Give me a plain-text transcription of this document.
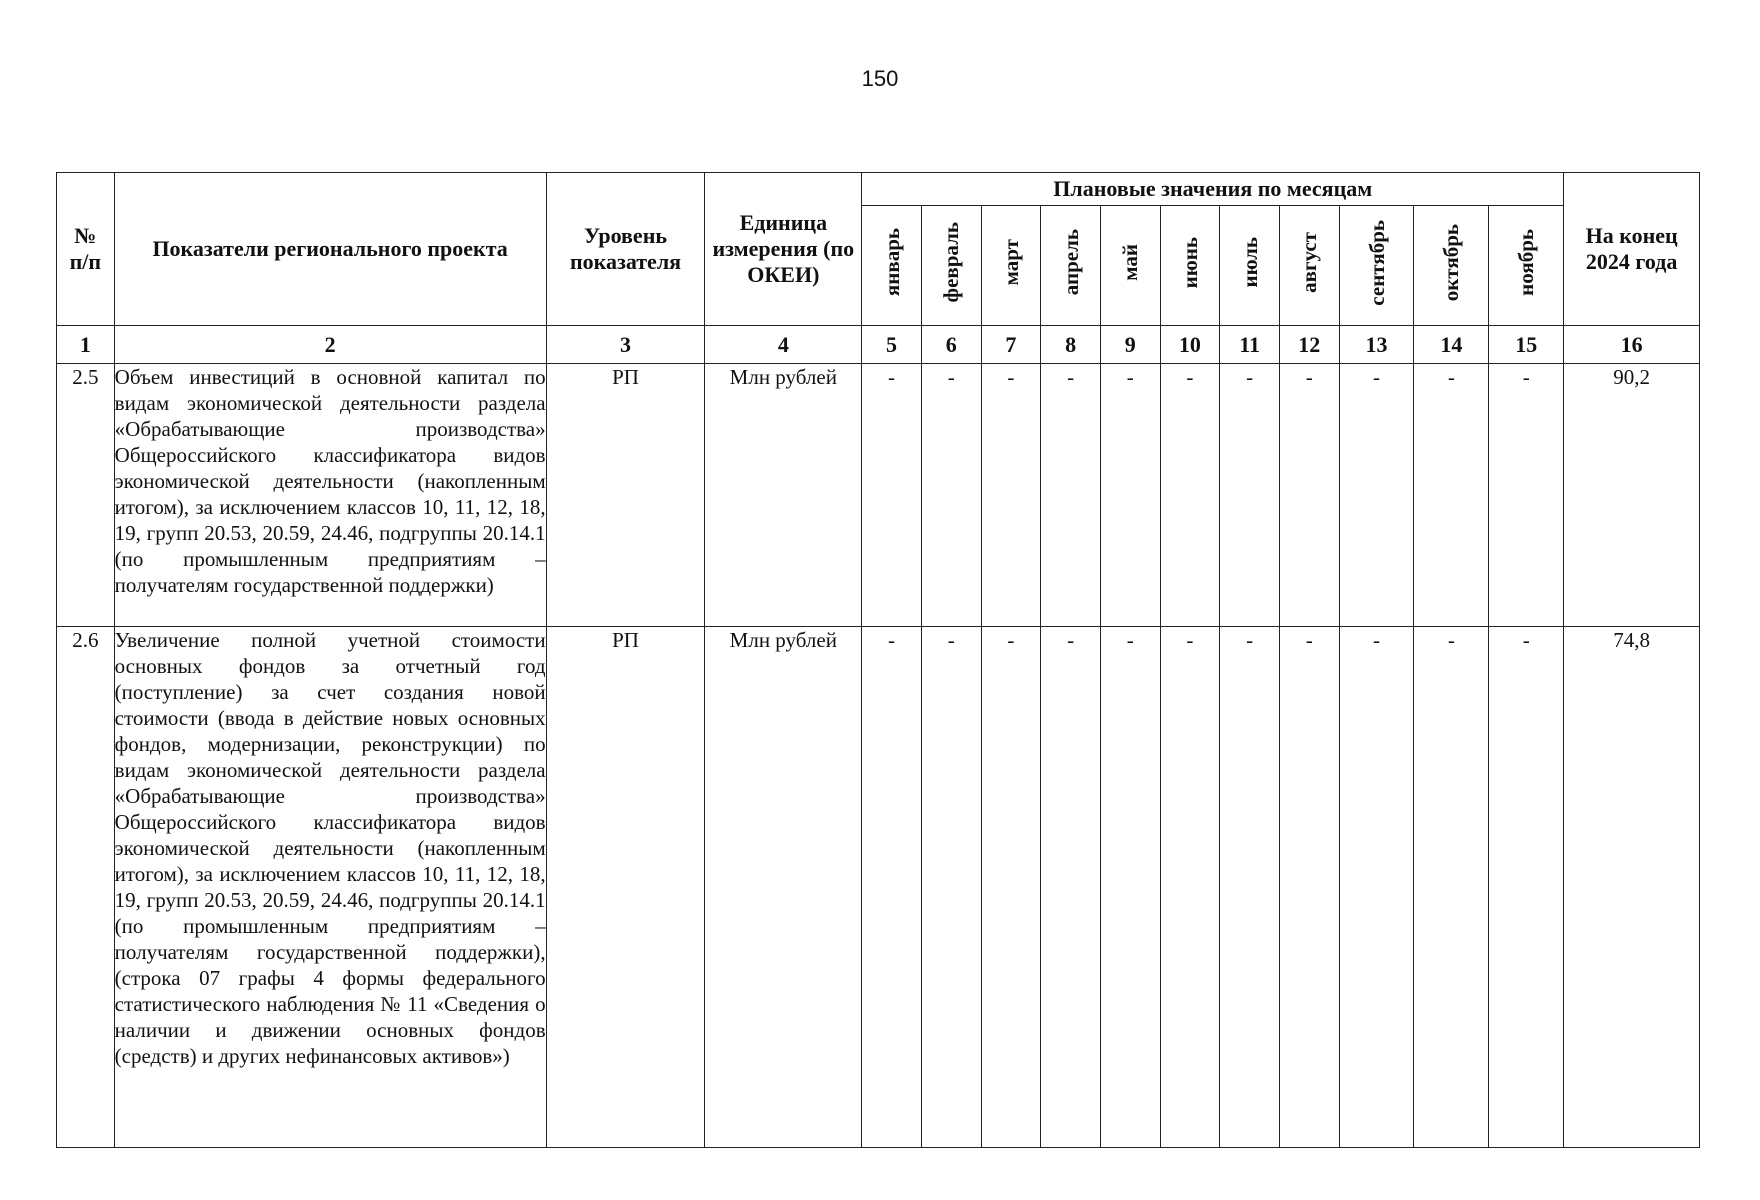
150
№ п/п	Показатели регионального проекта	Уровень показателя	Единица измерения (по ОКЕИ)	Плановые значения по месяцам											На конец 2024 года
				январь	февраль	март	апрель	май	июнь	июль	август	сентябрь	октябрь	ноябрь	
1	2	3	4	5	6	7	8	9	10	11	12	13	14	15	16
2.5	Объем инвестиций в основной капитал по видам экономической деятельности раздела «Обрабатывающие производства» Общероссийского классификатора видов экономической деятельности (накопленным итогом), за исключением классов 10, 11, 12, 18, 19, групп 20.53, 20.59, 24.46, подгруппы 20.14.1 (по промышленным предприятиям – получателям государственной поддержки)	РП	Млн рублей	-	-	-	-	-	-	-	-	-	-	-	90,2
2.6	Увеличение полной учетной стоимости основных фондов за отчетный год (поступление) за счет создания новой стоимости (ввода в действие новых основных фондов, модернизации, реконструкции) по видам экономической деятельности раздела «Обрабатывающие производства» Общероссийского классификатора видов экономической деятельности (накопленным итогом), за исключением классов 10, 11, 12, 18, 19, групп 20.53, 20.59, 24.46, подгруппы 20.14.1 (по промышленным предприятиям – получателям государственной поддержки), (строка 07 графы 4 формы федерального статистического наблюдения № 11 «Сведения о наличии и движении основных фондов (средств) и других нефинансовых активов»)	РП	Млн рублей	-	-	-	-	-	-	-	-	-	-	-	74,8
